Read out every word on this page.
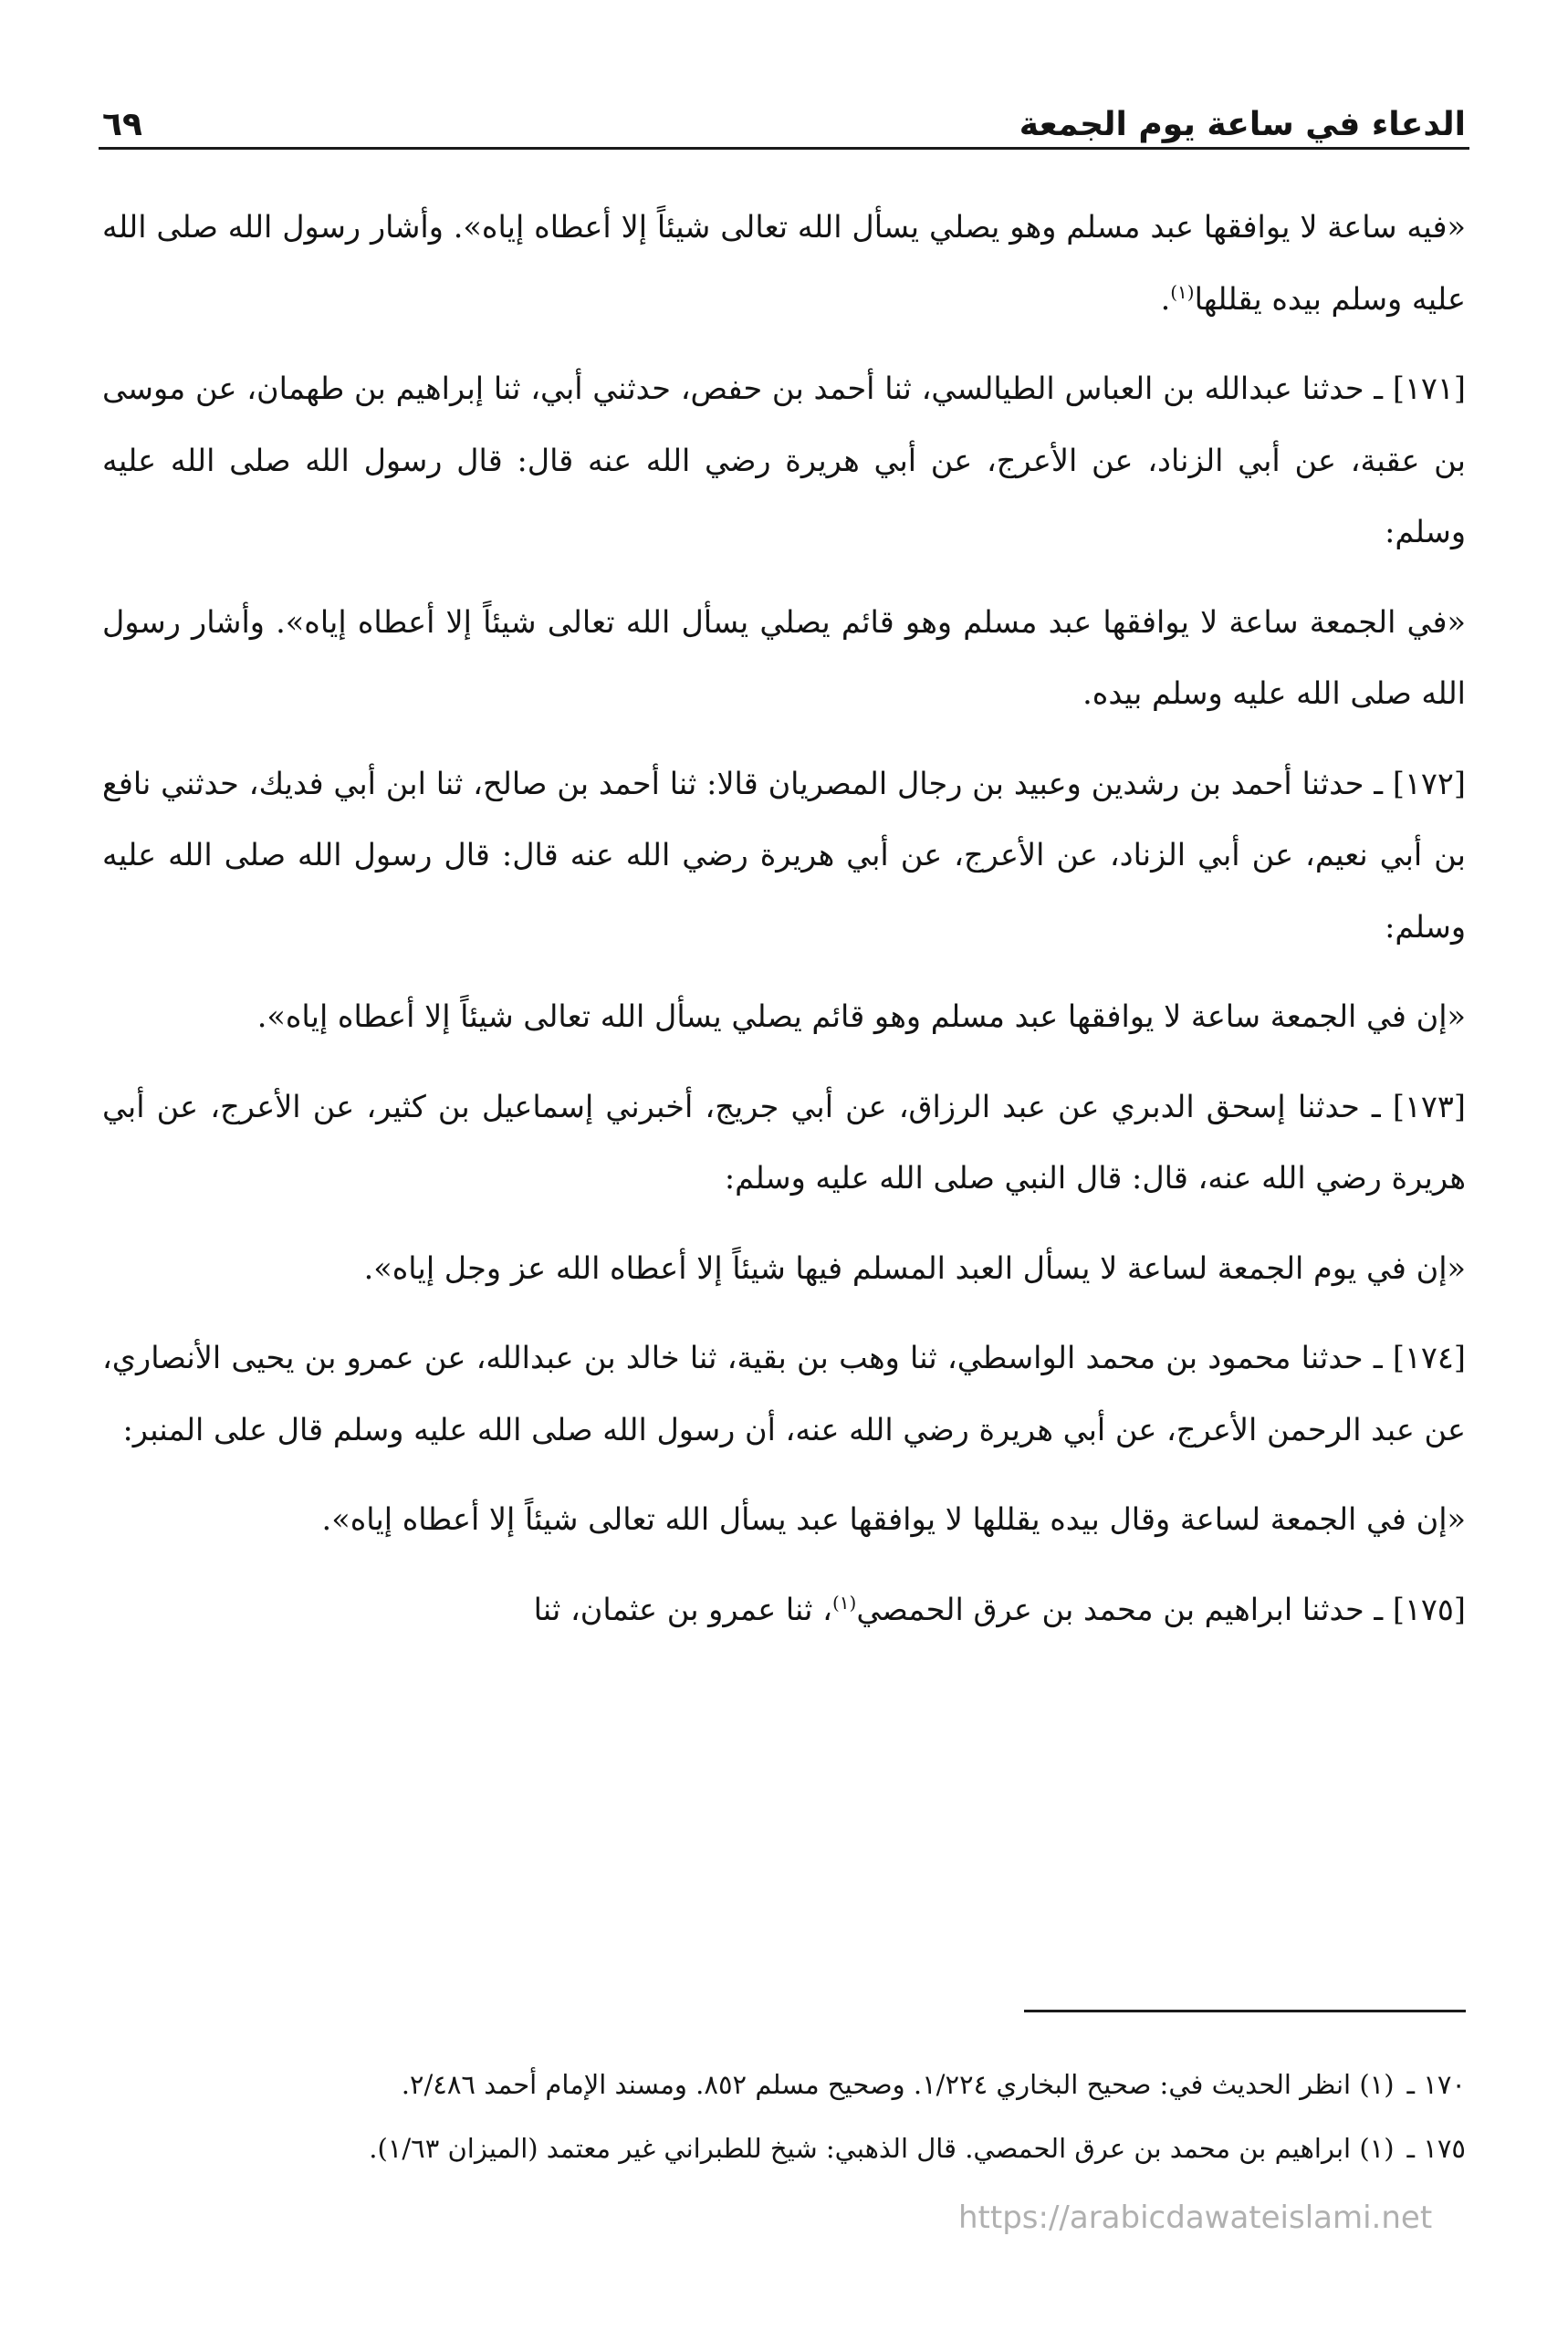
الدعاء في ساعة يوم الجمعة
٦٩

«فيه ساعة لا يوافقها عبد مسلم وهو يصلي يسأل الله تعالى شيئاً إلا أعطاه إياه». وأشار رسول الله صلى الله عليه وسلم بيده يقللها$^{(١)}$.

[١٧١] ـ حدثنا عبدالله بن العباس الطيالسي، ثنا أحمد بن حفص، حدثني أبي، ثنا إبراهيم بن طهمان، عن موسى بن عقبة، عن أبي الزناد، عن الأعرج، عن أبي هريرة رضي الله عنه قال: قال رسول الله صلى الله عليه وسلم:

«في الجمعة ساعة لا يوافقها عبد مسلم وهو قائم يصلي يسأل الله تعالى شيئاً إلا أعطاه إياه». وأشار رسول الله صلى الله عليه وسلم بيده.

[١٧٢] ـ حدثنا أحمد بن رشدين وعبيد بن رجال المصريان قالا: ثنا أحمد بن صالح، ثنا ابن أبي فديك، حدثني نافع بن أبي نعيم، عن أبي الزناد، عن الأعرج، عن أبي هريرة رضي الله عنه قال: قال رسول الله صلى الله عليه وسلم:

«إن في الجمعة ساعة لا يوافقها عبد مسلم وهو قائم يصلي يسأل الله تعالى شيئاً إلا أعطاه إياه».

[١٧٣] ـ حدثنا إسحق الدبري عن عبد الرزاق، عن أبي جريج، أخبرني إسماعيل بن كثير، عن الأعرج، عن أبي هريرة رضي الله عنه، قال: قال النبي صلى الله عليه وسلم:

«إن في يوم الجمعة لساعة لا يسأل العبد المسلم فيها شيئاً إلا أعطاه الله عز وجل إياه».

[١٧٤] ـ حدثنا محمود بن محمد الواسطي، ثنا وهب بن بقية، ثنا خالد بن عبدالله، عن عمرو بن يحيى الأنصاري، عن عبد الرحمن الأعرج، عن أبي هريرة رضي الله عنه، أن رسول الله صلى الله عليه وسلم قال على المنبر:

«إن في الجمعة لساعة وقال بيده يقللها لا يوافقها عبد يسأل الله تعالى شيئاً إلا أعطاه إياه».

[١٧٥] ـ حدثنا ابراهيم بن محمد بن عرق الحمصي$^{(١)}$، ثنا عمرو بن عثمان، ثنا

١٧٠ ـ(١) انظر الحديث في: صحيح البخاري ١/٢٢٤. وصحيح مسلم ٨٥٢. ومسند الإمام أحمد ٢/٤٨٦.

١٧٥ ـ(١) ابراهيم بن محمد بن عرق الحمصي. قال الذهبي: شيخ للطبراني غير معتمد (الميزان ١/٦٣).

https://arabicdawateislami.net
